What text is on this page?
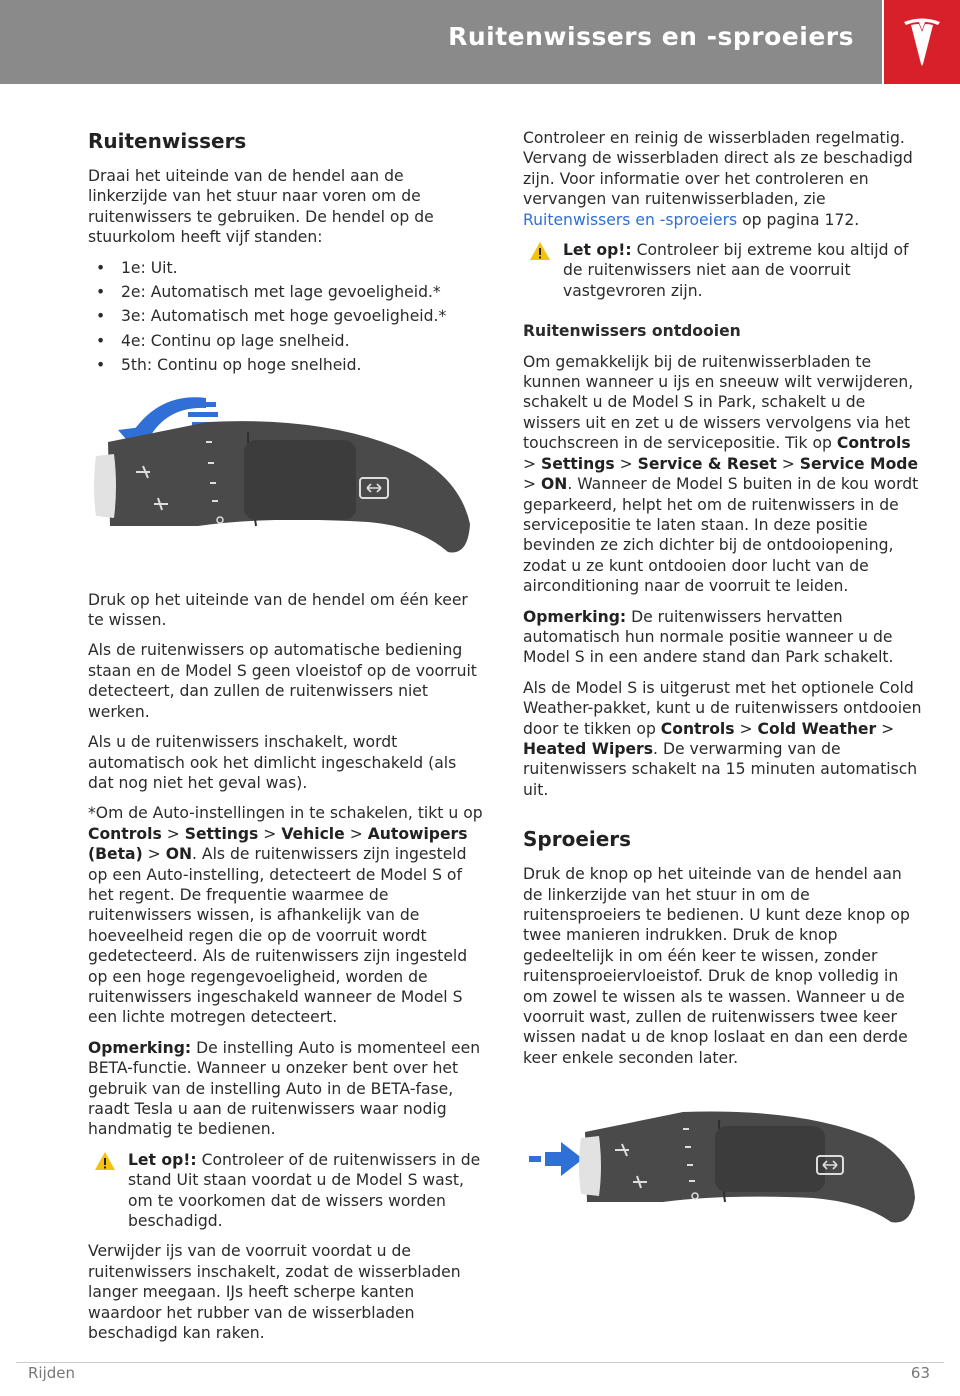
Ruitenwissers en -sproeiers
Ruitenwissers

Draai het uiteinde van de hendel aan de linkerzijde van het stuur naar voren om de ruitenwissers te gebruiken. De hendel op de stuurkolom heeft vijf standen:

• 1e: Uit.
• 2e: Automatisch met lage gevoeligheid.*
• 3e: Automatisch met hoge gevoeligheid.*
• 4e: Continu op lage snelheid.
• 5th: Continu op hoge snelheid.

Druk op het uiteinde van de hendel om één keer te wissen.

Als de ruitenwissers op automatische bediening staan en de Model S geen vloeistof op de voorruit detecteert, dan zullen de ruitenwissers niet werken.

Als u de ruitenwissers inschakelt, wordt automatisch ook het dimlicht ingeschakeld (als dat nog niet het geval was).

*Om de Auto-instellingen in te schakelen, tikt u op Controls > Settings > Vehicle > Autowipers (Beta) > ON. Als de ruitenwissers zijn ingesteld op een Auto-instelling, detecteert de Model S of het regent. De frequentie waarmee de ruitenwissers wissen, is afhankelijk van de hoeveelheid regen die op de voorruit wordt gedetecteerd. Als de ruitenwissers zijn ingesteld op een hoge regengevoeligheid, worden de ruitenwissers ingeschakeld wanneer de Model S een lichte motregen detecteert.

Opmerking: De instelling Auto is momenteel een BETA-functie. Wanneer u onzeker bent over het gebruik van de instelling Auto in de BETA-fase, raadt Tesla u aan de ruitenwissers waar nodig handmatig te bedienen.

Let op!: Controleer of de ruitenwissers in de stand Uit staan voordat u de Model S wast, om te voorkomen dat de wissers worden beschadigd.

Verwijder ijs van de voorruit voordat u de ruitenwissers inschakelt, zodat de wisserbladen langer meegaan. IJs heeft scherpe kanten waardoor het rubber van de wisserbladen beschadigd kan raken.

Controleer en reinig de wisserbladen regelmatig. Vervang de wisserbladen direct als ze beschadigd zijn. Voor informatie over het controleren en vervangen van ruitenwisserbladen, zie Ruitenwissers en -sproeiers op pagina 172.

Let op!: Controleer bij extreme kou altijd of de ruitenwissers niet aan de voorruit vastgevroren zijn.
Ruitenwissers ontdooien

Om gemakkelijk bij de ruitenwisserbladen te kunnen wanneer u ijs en sneeuw wilt verwijderen, schakelt u de Model S in Park, schakelt u de wissers uit en zet u de wissers vervolgens via het touchscreen in de servicepositie. Tik op Controls > Settings > Service & Reset > Service Mode > ON. Wanneer de Model S buiten in de kou wordt geparkeerd, helpt het om de ruitenwissers in de servicepositie te laten staan. In deze positie bevinden ze zich dichter bij de ontdooiopening, zodat u ze kunt ontdooien door lucht van de airconditioning naar de voorruit te leiden.

Opmerking: De ruitenwissers hervatten automatisch hun normale positie wanneer u de Model S in een andere stand dan Park schakelt.

Als de Model S is uitgerust met het optionele Cold Weather-pakket, kunt u de ruitenwissers ontdooien door te tikken op Controls > Cold Weather > Heated Wipers. De verwarming van de ruitenwissers schakelt na 15 minuten automatisch uit.

Sproeiers

Druk de knop op het uiteinde van de hendel aan de linkerzijde van het stuur in om de ruitensproeiers te bedienen. U kunt deze knop op twee manieren indrukken. Druk de knop gedeeltelijk in om één keer te wissen, zonder ruitensproeiervloeistof. Druk de knop volledig in om zowel te wissen als te wassen. Wanneer u de voorruit wast, zullen de ruitenwissers twee keer wissen nadat u de knop loslaat en dan een derde keer enkele seconden later.

Rijden	63
